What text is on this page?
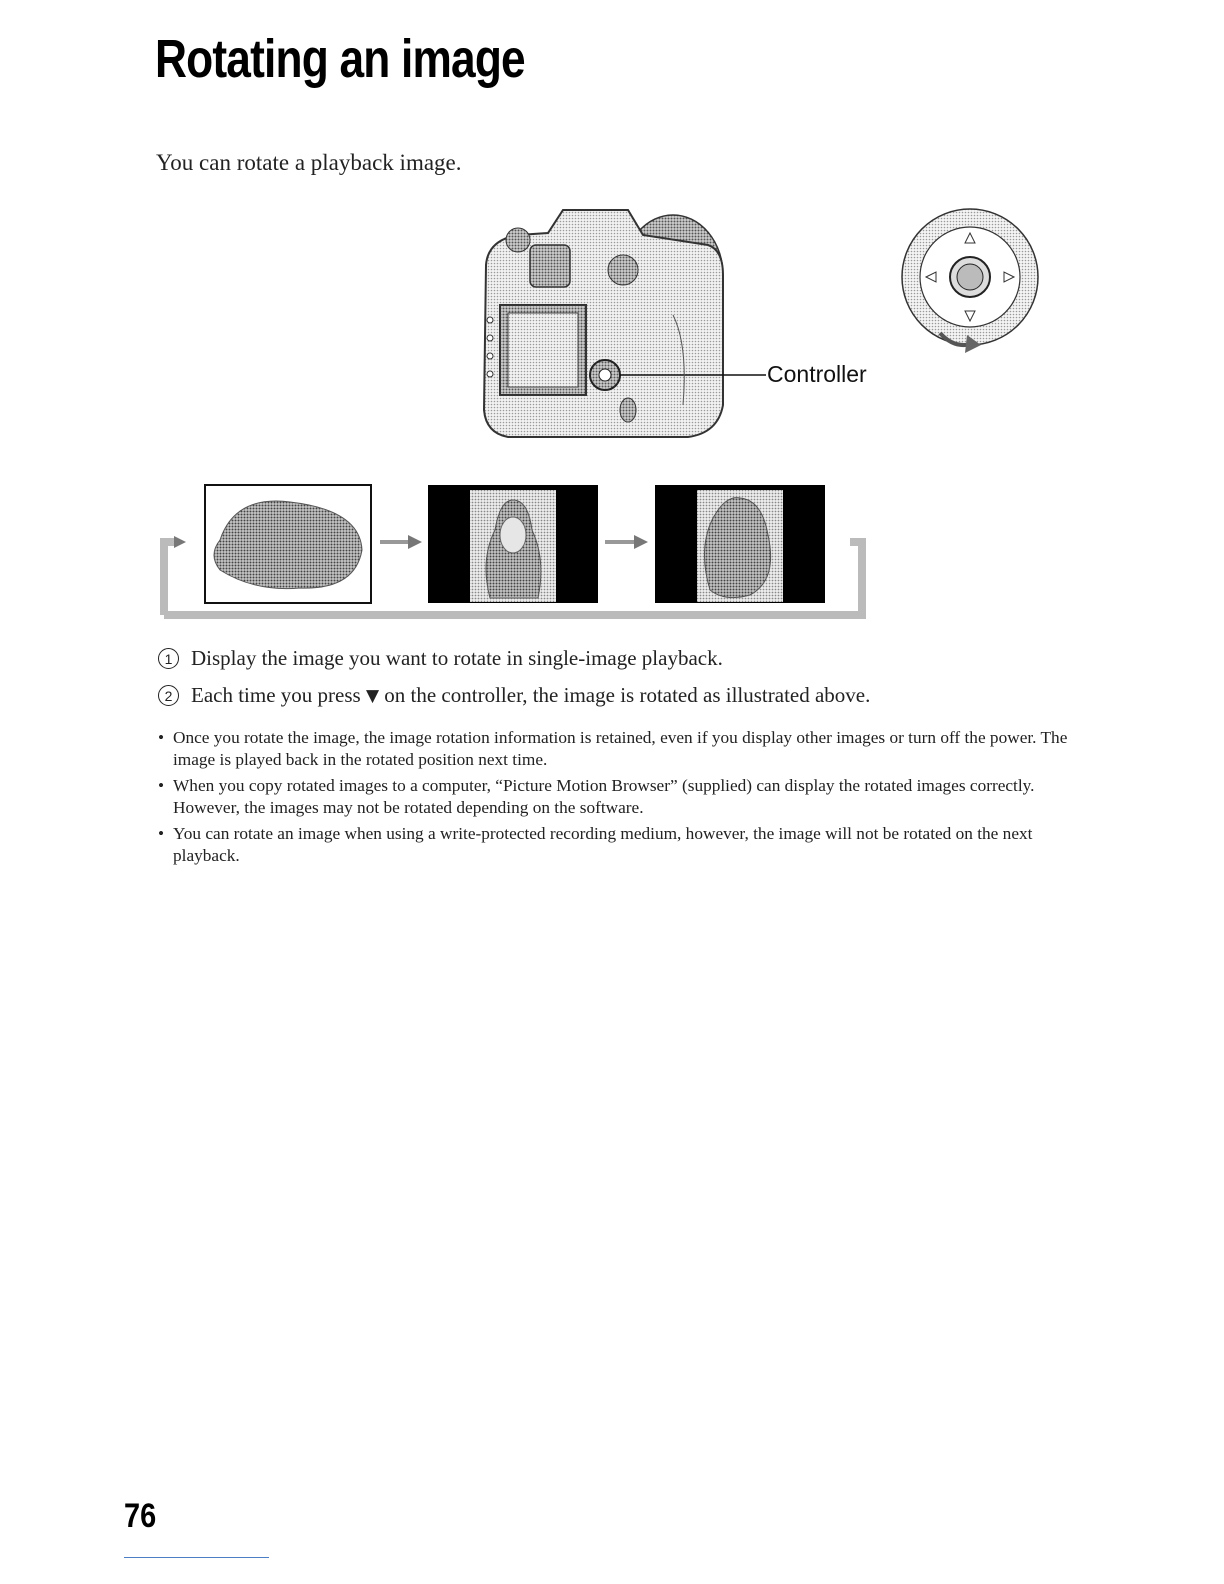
Rotating an image

You can rotate a playback image.

Controller

1 Display the image you want to rotate in single-image playback.

2 Each time you press ▼ on the controller, the image is rotated as illustrated above.

• Once you rotate the image, the image rotation information is retained, even if you display other images or turn off the power. The image is played back in the rotated position next time.
• When you copy rotated images to a computer, “Picture Motion Browser” (supplied) can display the rotated images correctly. However, the images may not be rotated depending on the software.
• You can rotate an image when using a write-protected recording medium, however, the image will not be rotated on the next playback.
76
